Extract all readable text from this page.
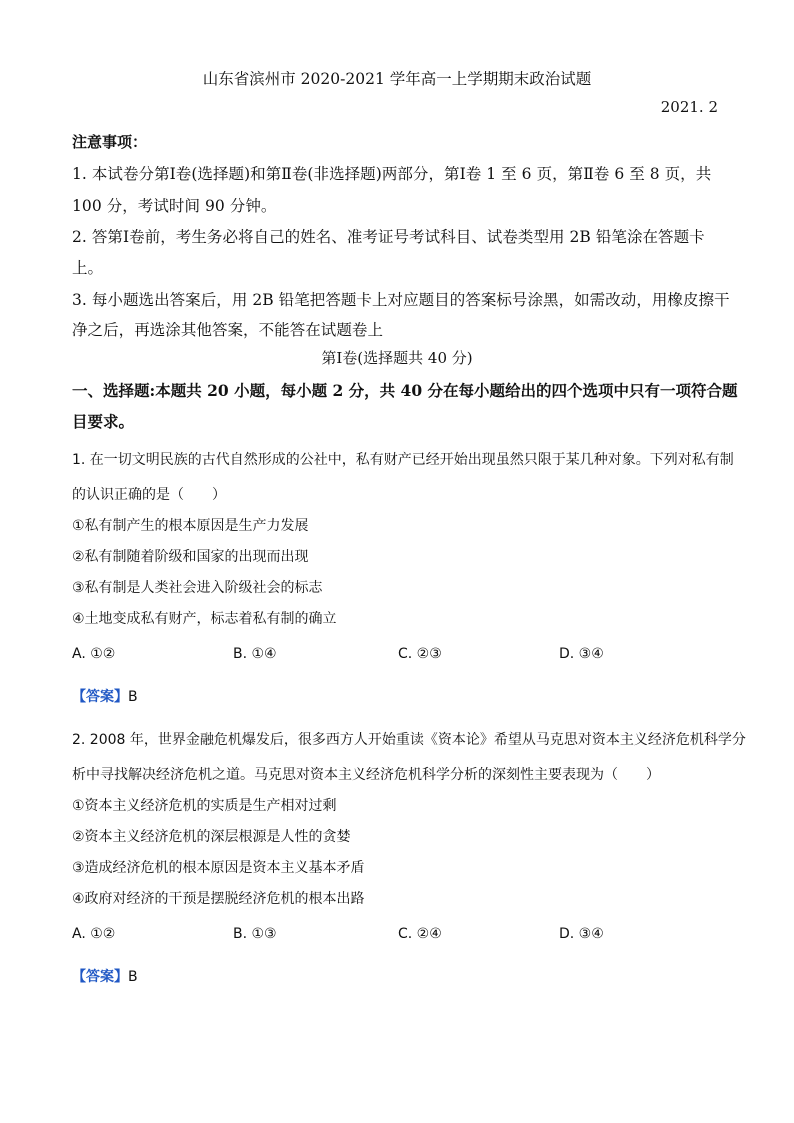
山东省滨州市 2020-2021 学年高一上学期期末政治试题
2021. 2
注意事项：
1. 本试卷分第Ⅰ卷(选择题)和第Ⅱ卷(非选择题)两部分，第Ⅰ卷 1 至 6 页，第Ⅱ卷 6 至 8 页，共
100 分，考试时间 90 分钟。
2. 答第Ⅰ卷前，考生务必将自己的姓名、准考证号考试科目、试卷类型用 2B 铅笔涂在答题卡
上。
3. 每小题选出答案后，用 2B 铅笔把答题卡上对应题目的答案标号涂黑，如需改动，用橡皮擦干
净之后，再选涂其他答案，不能答在试题卷上
第Ⅰ卷(选择题共 40 分)
一、选择题:本题共 20 小题，每小题 2 分，共 40 分在每小题给出的四个选项中只有一项符合题
目要求。
1. 在一切文明民族的古代自然形成的公社中，私有财产已经开始出现虽然只限于某几种对象。下列对私有制
的认识正确的是（　　）
①私有制产生的根本原因是生产力发展
②私有制随着阶级和国家的出现而出现
③私有制是人类社会进入阶级社会的标志
④土地变成私有财产，标志着私有制的确立
A. ①②	B. ①④	C. ②③	D. ③④
【答案】B
2. 2008 年，世界金融危机爆发后，很多西方人开始重读《资本论》希望从马克思对资本主义经济危机科学分
析中寻找解决经济危机之道。马克思对资本主义经济危机科学分析的深刻性主要表现为（　　）
①资本主义经济危机的实质是生产相对过剩
②资本主义经济危机的深层根源是人性的贪婪
③造成经济危机的根本原因是资本主义基本矛盾
④政府对经济的干预是摆脱经济危机的根本出路
A. ①②	B. ①③	C. ②④	D. ③④
【答案】B
